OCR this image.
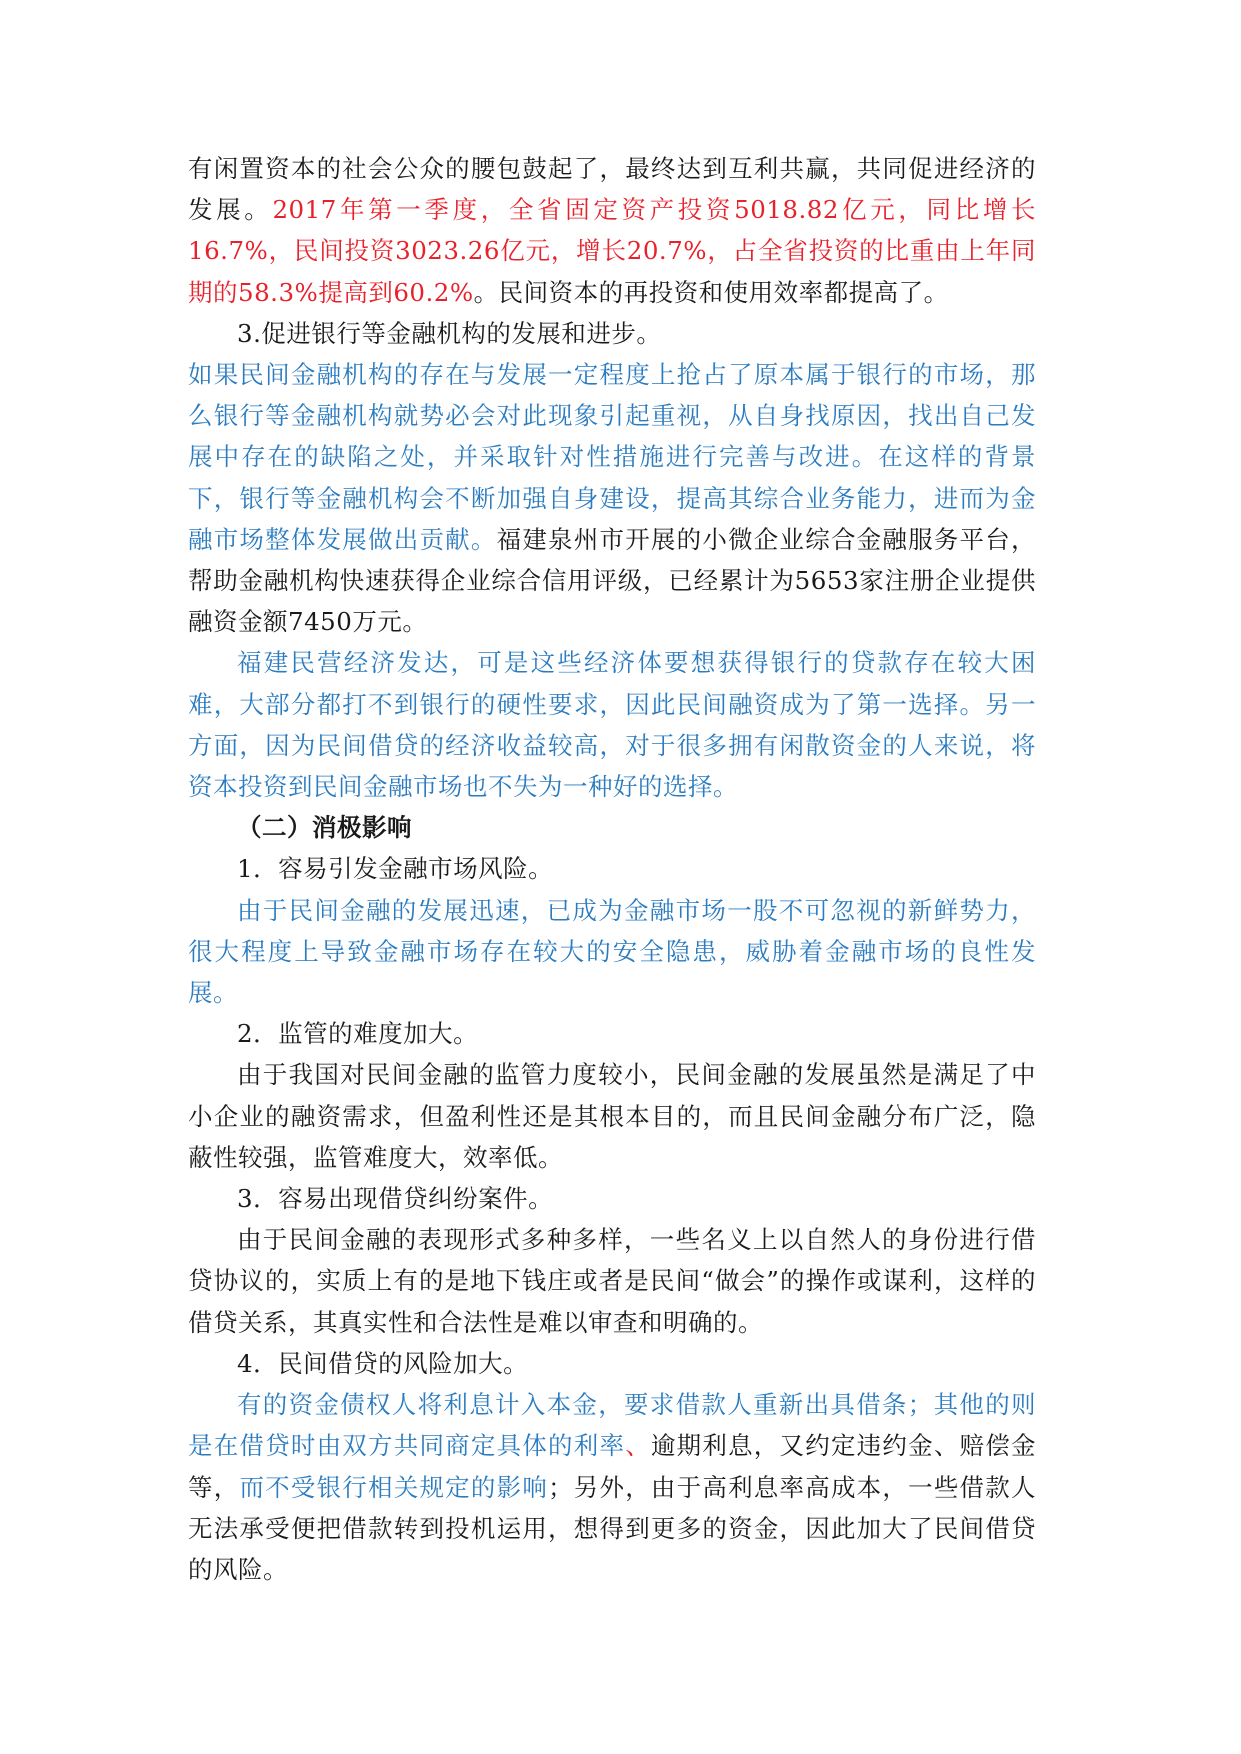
有闲置资本的社会公众的腰包鼓起了，最终达到互利共赢，共同促进经济的发展。2017年第一季度，全省固定资产投资5018.82亿元，同比增长16.7%，民间投资3023.26亿元，增长20.7%，占全省投资的比重由上年同期的58.3%提高到60.2%。民间资本的再投资和使用效率都提高了。

3.促进银行等金融机构的发展和进步。

如果民间金融机构的存在与发展一定程度上抢占了原本属于银行的市场，那么银行等金融机构就势必会对此现象引起重视，从自身找原因，找出自己发展中存在的缺陷之处，并采取针对性措施进行完善与改进。在这样的背景下，银行等金融机构会不断加强自身建设，提高其综合业务能力，进而为金融市场整体发展做出贡献。福建泉州市开展的小微企业综合金融服务平台，帮助金融机构快速获得企业综合信用评级，已经累计为5653家注册企业提供融资金额7450万元。

福建民营经济发达，可是这些经济体要想获得银行的贷款存在较大困难，大部分都打不到银行的硬性要求，因此民间融资成为了第一选择。另一方面，因为民间借贷的经济收益较高，对于很多拥有闲散资金的人来说，将资本投资到民间金融市场也不失为一种好的选择。

（二）消极影响

1．容易引发金融市场风险。

由于民间金融的发展迅速，已成为金融市场一股不可忽视的新鲜势力，很大程度上导致金融市场存在较大的安全隐患，威胁着金融市场的良性发展。

2．监管的难度加大。

由于我国对民间金融的监管力度较小，民间金融的发展虽然是满足了中小企业的融资需求，但盈利性还是其根本目的，而且民间金融分布广泛，隐蔽性较强，监管难度大，效率低。

3．容易出现借贷纠纷案件。

由于民间金融的表现形式多种多样，一些名义上以自然人的身份进行借贷协议的，实质上有的是地下钱庄或者是民间“做会”的操作或谋利，这样的借贷关系，其真实性和合法性是难以审查和明确的。

4．民间借贷的风险加大。

有的资金债权人将利息计入本金，要求借款人重新出具借条；其他的则是在借贷时由双方共同商定具体的利率、逾期利息，又约定违约金、赔偿金等，而不受银行相关规定的影响；另外，由于高利息率高成本，一些借款人无法承受便把借款转到投机运用，想得到更多的资金，因此加大了民间借贷的风险。
